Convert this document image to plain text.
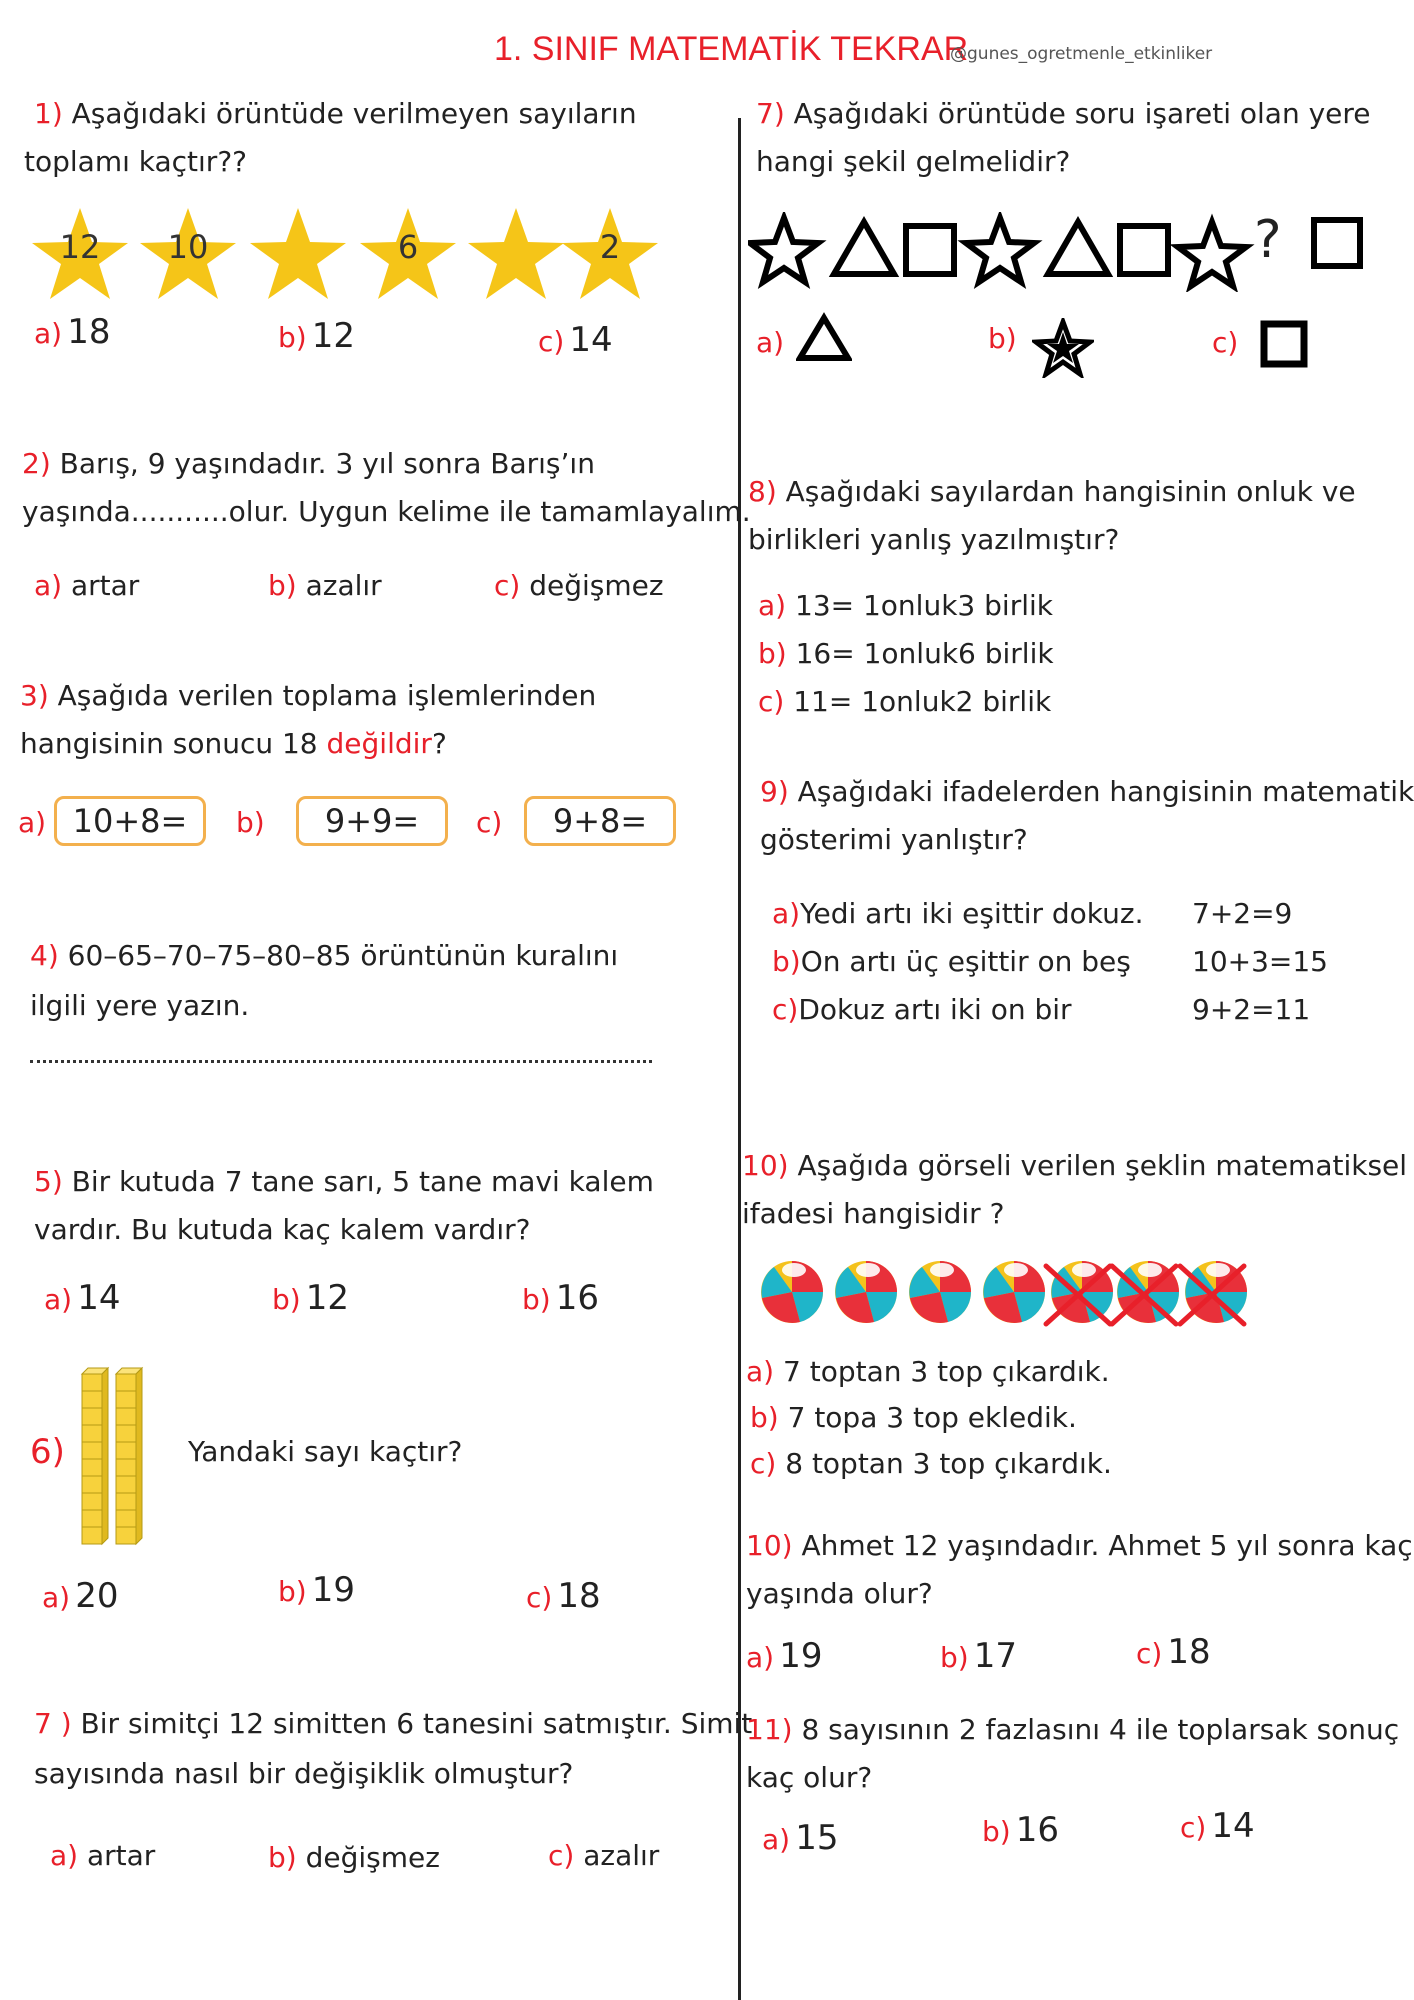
1. SINIF MATEMATİK TEKRAR
@gunes_ogretmenle_etkinliker
1) Aşağıdaki örüntüde verilmeyen sayıların
toplamı kaçtır??
12	10	6	2
a) 18	b) 12	c) 14
2) Barış, 9 yaşındadır. 3 yıl sonra Barış’ın
yaşında...........olur. Uygun kelime ile tamamlayalım.
a) artar	b) azalır	c) değişmez
3) Aşağıda verilen toplama işlemlerinden
hangisinin sonucu 18 değildir?
a) 10+8=	b)	9+9=	c)	9+8=
4) 60–65–70–75–80–85 örüntünün kuralını
ilgili yere yazın.
5) Bir kutuda 7 tane sarı, 5 tane mavi kalem
vardır. Bu kutuda kaç kalem vardır?
a) 14	b) 12	b) 16
6)	Yandaki sayı kaçtır?
a) 20	b) 19	c) 18
7 ) Bir simitçi 12 simitten 6 tanesini satmıştır. Simit
sayısında nasıl bir değişiklik olmuştur?
a) artar	b) değişmez	c) azalır
7) Aşağıdaki örüntüde soru işareti olan yere
hangi şekil gelmelidir?
?
a)	b)	c)
8) Aşağıdaki sayılardan hangisinin onluk ve
birlikleri yanlış yazılmıştır?
a) 13= 1onluk3 birlik
b) 16= 1onluk6 birlik
c) 11= 1onluk2 birlik
9) Aşağıdaki ifadelerden hangisinin matematik
gösterimi yanlıştır?
a)Yedi artı iki eşittir dokuz. 7+2=9
b)On artı üç eşittir on beş 10+3=15
c)Dokuz artı iki on bir	9+2=11
10) Aşağıda görseli verilen şeklin matematiksel
ifadesi hangisidir ?
a) 7 toptan 3 top çıkardık.
b) 7 topa 3 top ekledik.
c) 8 toptan 3 top çıkardık.
10) Ahmet 12 yaşındadır. Ahmet 5 yıl sonra kaç
yaşında olur?
a) 19	b) 17	c) 18
11) 8 sayısının 2 fazlasını 4 ile toplarsak sonuç
kaç olur?
a) 15	b) 16	c) 14
